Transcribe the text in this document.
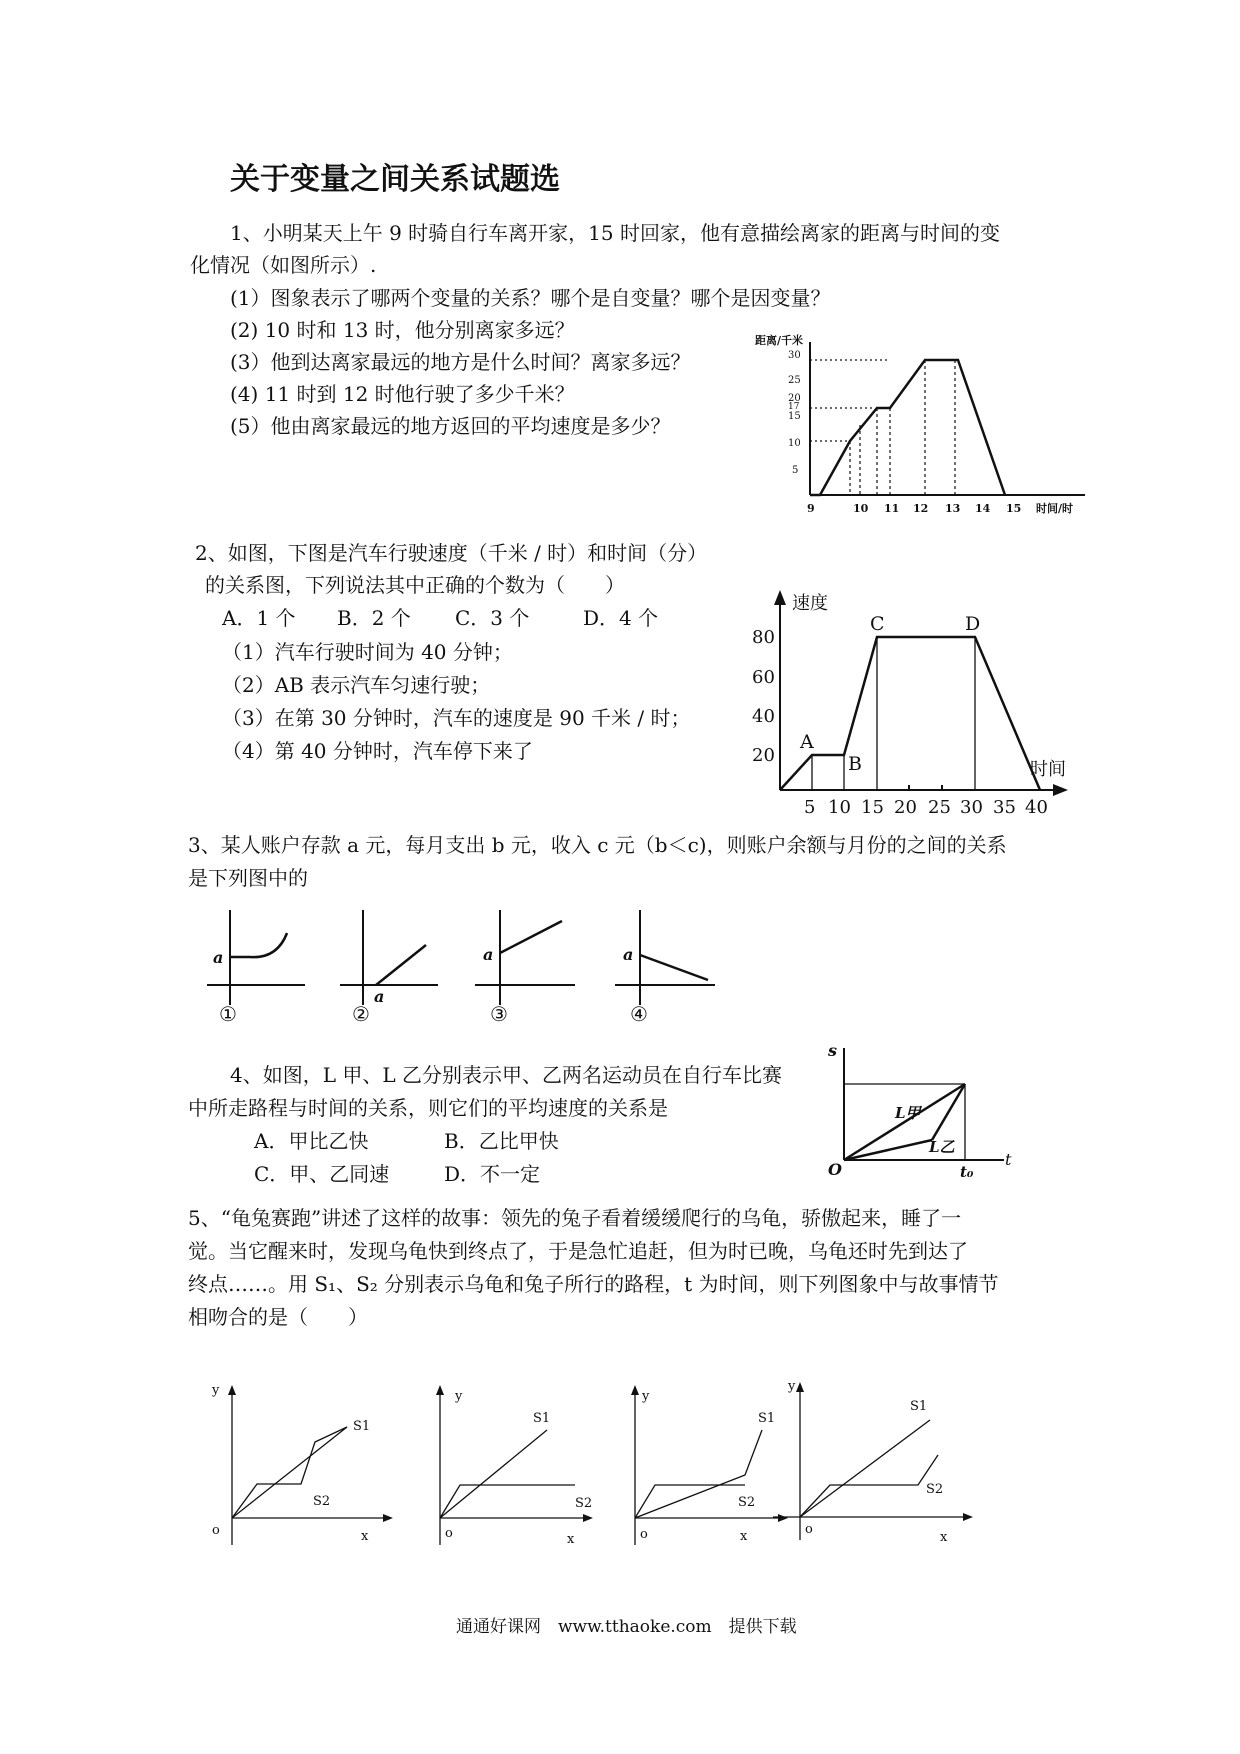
关于变量之间关系试题选
1、小明某天上午 9 时骑自行车离开家，15 时回家，他有意描绘离家的距离与时间的变
化情况（如图所示）.
(1）图象表示了哪两个变量的关系？哪个是自变量？哪个是因变量？
(2) 10 时和 13 时，他分别离家多远？
(3）他到达离家最远的地方是什么时间？离家多远？
(4) 11 时到 12 时他行驶了多少千米？
(5）他由离家最远的地方返回的平均速度是多少？
距离/千米
时间/时
30
25
20
17
15
10
5
9	10 11 12 13 14 15
2、如图，下图是汽车行驶速度（千米 / 时）和时间（分）
的关系图，下列说法其中正确的个数为（　　）
A．1 个 B．2 个 C．3 个	D．4 个
（1）汽车行驶时间为 40 分钟；
（2）AB 表示汽车匀速行驶；
（3）在第 30 分钟时，汽车的速度是 90 千米 / 时；
（4）第 40 分钟时，汽车停下来了
速度
时间
80
60
40
20
5 10 15 20 25 30 35 40
A
B
C	D
3、某人账户存款 a 元，每月支出 b 元，收入 c 元（b＜c)，则账户余额与月份的之间的关系
是下列图中的
a
①
a
②
a
③
a
④
4、如图，L 甲、L 乙分别表示甲、乙两名运动员在自行车比赛
中所走路程与时间的关系，则它们的平均速度的关系是
A．甲比乙快	B．乙比甲快
C．甲、乙同速	D．不一定
s
t
O	t₀
L甲
L乙
5、“龟兔赛跑”讲述了这样的故事：领先的兔子看着缓缓爬行的乌龟，骄傲起来，睡了一
觉。当它醒来时，发现乌龟快到终点了，于是急忙追赶，但为时已晚，乌龟还时先到达了
终点……。用 S₁、S₂ 分别表示乌龟和兔子所行的路程，t 为时间，则下列图象中与故事情节
相吻合的是（　　）
y
x
o
S1
S2
y
x
o
S1
S2
y
x
o
S1
S2
y
x
o
S1
S2
通通好课网　www.tthaoke.com　提供下载
